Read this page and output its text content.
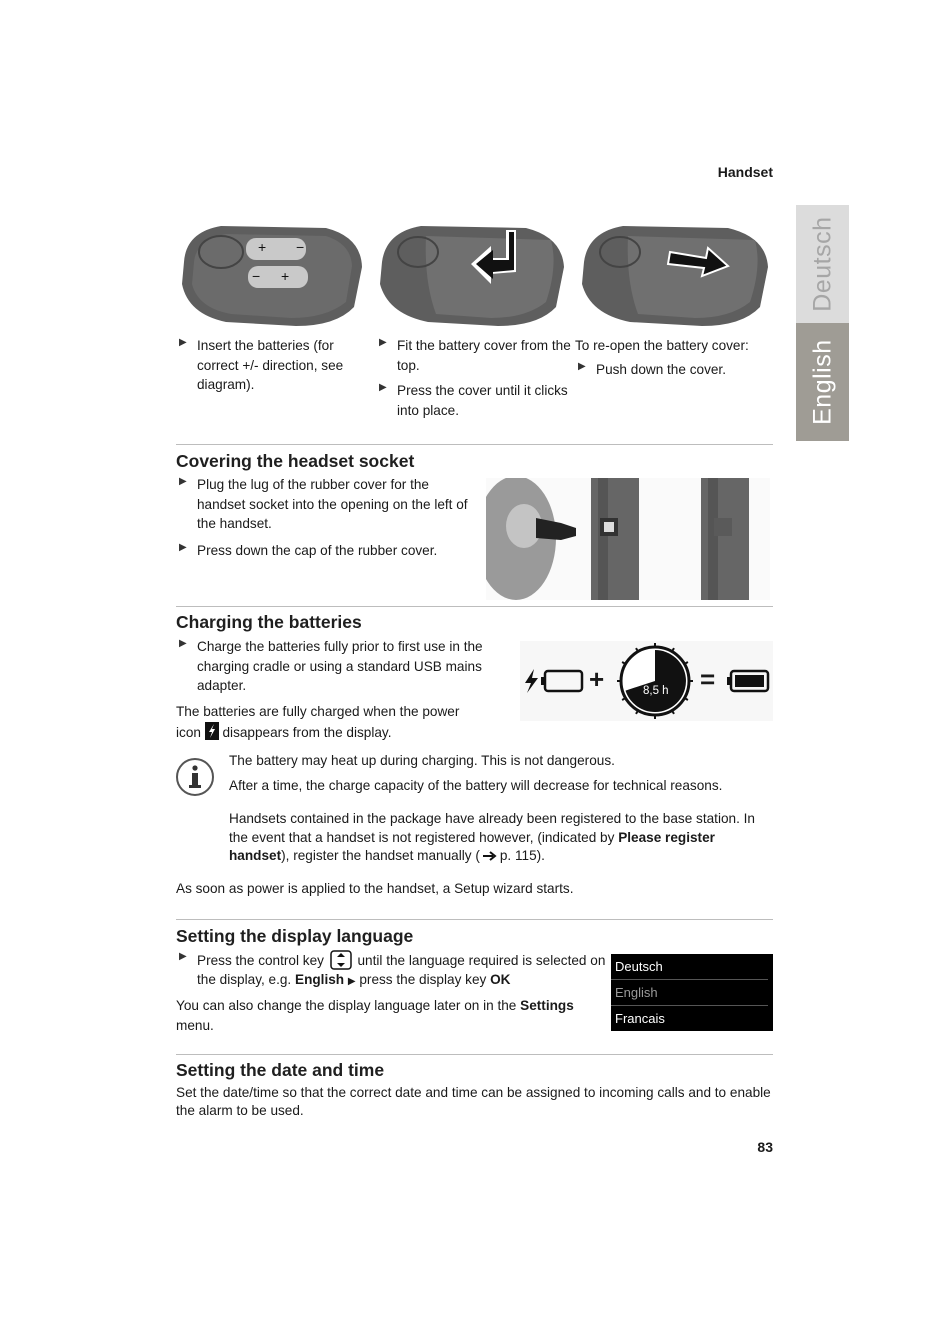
Handset
Deutsch
English
+ −
− +
▶ Insert the batteries (for correct +/- direction, see diagram).
▶ Fit the battery cover from the top.
▶ Press the cover until it clicks into place.

To re-open the battery cover:

▶ Push down the cover.
Covering the headset socket
▶ Plug the lug of the rubber cover for the handset socket into the opening on the left of the handset.
▶ Press down the cap of the rubber cover.
Charging the batteries
▶ Charge the batteries fully prior to first use in the charging cradle or using a standard USB mains adapter.
The batteries are fully charged when the power icon disappears from the display.
+	8,5 h =

The battery may heat up during charging. This is not dangerous.

After a time, the charge capacity of the battery will decrease for technical reasons.

Handsets contained in the package have already been registered to the base station. In the event that a handset is not registered however, (indicated by Please register handset), register the handset manually ( p. 115).

As soon as power is applied to the handset, a Setup wizard starts.

Setting the display language
▶ Press the control key until the language required is selected on the display, e.g. English ▶ press the display key OK

You can also change the display language later on in the Settings menu.

Deutsch
English
Francais
Setting the date and time

Set the date/time so that the correct date and time can be assigned to incoming calls and to enable the alarm to be used.

83
